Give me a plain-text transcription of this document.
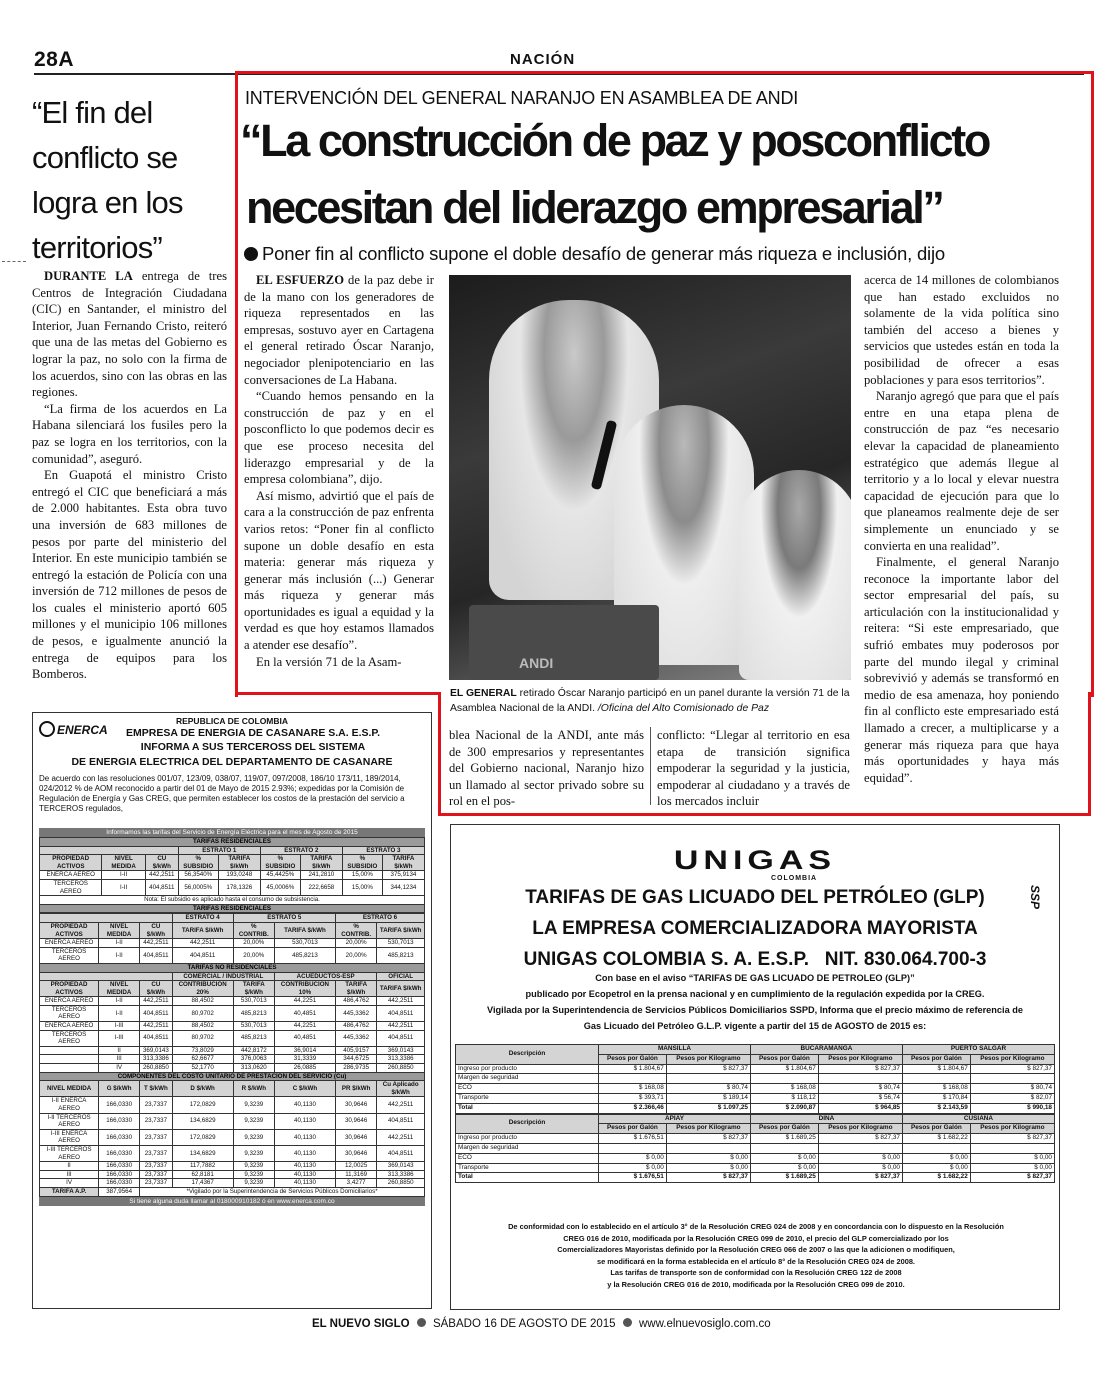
28A	NACIÓN
“El fin del conflicto se logra en los territorios”

DURANTE LA entrega de tres Centros de Integración Ciudadana (CIC) en Santander, el ministro del Interior, Juan Fernando Cristo, reiteró que una de las metas del Gobierno es lograr la paz, no solo con la firma de los acuerdos, sino con las obras en las regiones.

“La firma de los acuerdos en La Habana silenciará los fusiles pero la paz se logra en los territorios, con la comunidad”, aseguró.

En Guapotá el ministro Cristo entregó el CIC que beneficiará a más de 2.000 habitantes. Esta obra tuvo una inversión de 683 millones de pesos por parte del ministerio del Interior. En este municipio también se entregó la estación de Policía con una inversión de 712 millones de pesos de los cuales el ministerio aportó 605 millones y el municipio 106 millones de pesos, e igualmente anunció la entrega de equipos para los Bomberos.

INTERVENCIÓN DEL GENERAL NARANJO EN ASAMBLEA DE ANDI
“La construcción de paz y posconflicto
necesitan del liderazgo empresarial”
Poner fin al conflicto supone el doble desafío de generar más riqueza e inclusión, dijo

EL ESFUERZO de la paz debe ir de la mano con los generadores de riqueza representados en las empresas, sostuvo ayer en Cartagena el general retirado Óscar Naranjo, negociador plenipotenciario en las conversaciones de La Habana.

“Cuando hemos pensando en la construcción de paz y en el posconflicto lo que podemos decir es que ese proceso necesita del liderazgo empresarial y de la empresa colombiana”, dijo.

Así mismo, advirtió que el país de cara a la construcción de paz enfrenta varios retos: “Poner fin al conflicto supone un doble desafío en esta materia: generar más riqueza y generar más inclusión (...) Generar más riqueza y generar más oportunidades es igual a equidad y la verdad es que hoy estamos llamados a atender ese desafío”.

En la versión 71 de la Asam-	ANDI
EL GENERAL retirado Óscar Naranjo participó en un panel durante la versión 71 de la Asamblea Nacional de la ANDI. /Oficina del Alto Comisionado de Paz
blea Nacional de la ANDI, ante más de 300 empresarios y representantes del Gobierno nacional, Naranjo hizo un llamado al sector privado sobre su rol en el pos-
conflicto: “Llegar al territorio en esa etapa de transición significa empoderar la seguridad y la justicia, empoderar al ciudadano y a través de los mercados incluir

acerca de 14 millones de colombianos que han estado excluidos no solamente de la vida política sino también del acceso a bienes y servicios que ustedes están en toda la posibilidad de ofrecer a esas poblaciones y para esos territorios”.

Naranjo agregó que para que el país entre en una etapa plena de construcción de paz “es necesario elevar la capacidad de planeamiento estratégico que además llegue al territorio y a lo local y elevar nuestra capacidad de ejecución para que lo que planeamos realmente deje de ser simplemente un enunciado y se convierta en una realidad”.

Finalmente, el general Naranjo reconoce la importante labor del sector empresarial del país, su articulación con la institucionalidad y reitera: “Si este empresariado, que sufrió embates muy poderosos por parte del mundo ilegal y criminal sobrevivió y además se transformó en medio de esa amenaza, hoy poniendo fin al conflicto este empresariado está llamado a crecer, a multiplicarse y a generar más riqueza para que haya más oportunidades y haya más equidad”.

ENERCA
REPUBLICA DE COLOMBIA
EMPRESA DE ENERGIA DE CASANARE S.A. E.S.P.
INFORMA A SUS TERCEROSS DEL SISTEMA
DE ENERGIA ELECTRICA DEL DEPARTAMENTO DE CASANARE
De acuerdo con las resoluciones 001/07, 123/09, 038/07, 119/07, 097/2008, 186/10 173/11, 189/2014, 024/2012 % de AOM reconocido a partir del 01 de Mayo de 2015 2.93%; expedidas por la Comisión de Regulación de Energía y Gas CREG, que permiten establecer los costos de la prestación del servicio a TERCEROS regulados,
Informamos las tarifas del Servicio de Energía Eléctrica para el mes de Agosto de 2015
TARIFAS RESIDENCIALES								
			ESTRATO 1		ESTRATO 2		ESTRATO 3	
PROPIEDAD ACTIVOS	NIVEL MEDIDA	CU $/kWh	% SUBSIDIO	TARIFA $/kWh	% SUBSIDIO	TARIFA $/kWh	% SUBSIDIO	TARIFA $/kWh
ENERCA AEREO	I-II	442,2511	56,3540%	193,0248	45,4425%	241,2810	15,00%	375,9134
TERCEROS AEREO	I-II	404,8511	56,0005%	178,1326	45,0006%	222,6658	15,00%	344,1234
Nota: El subsidio es aplicado hasta el consumo de subsistencia.								
TARIFAS RESIDENCIALES								
			ESTRATO 4	ESTRATO 5		ESTRATO 6	
PROPIEDAD ACTIVOS	NIVEL MEDIDA	CU $/kWh	TARIFA $/kWh	% CONTRIB.	TARIFA $/kWh	% CONTRIB.	TARIFA $/kWh
ENERCA AEREO	I-II	442,2511	442,2511	20,00%	530,7013	20,00%	530,7013
TERCEROS AEREO	I-II	404,8511	404,8511	20,00%	485,8213	20,00%	485,8213
TARIFAS NO RESIDENCIALES							
			COMERCIAL / INDUSTRIAL		ACUEDUCTOS-ESP		OFICIAL
PROPIEDAD ACTIVOS	NIVEL MEDIDA	CU $/kWh	CONTRIBUCION 20%	TARIFA $/kWh	CONTRIBUCION 10%	TARIFA $/kWh	TARIFA $/kWh
ENERCA AEREO	I-II	442,2511	88,4502	530,7013	44,2251	486,4762	442,2511
TERCEROS AEREO	I-II	404,8511	80,9702	485,8213	40,4851	445,3362	404,8511
ENERCA AEREO	I-III	442,2511	88,4502	530,7013	44,2251	486,4762	442,2511
TERCEROS AEREO	I-III	404,8511	80,9702	485,8213	40,4851	445,3362	404,8511
	II	369,0143	73,8029	442,8172	36,9014	405,9157	369,0143
	III	313,3386	62,6677	376,0063	31,3339	344,6725	313,3386
	IV	260,8850	52,1770	313,0620	26,0885	286,9735	260,8850
COMPONENTES DEL COSTO UNITARIO DE PRESTACION DEL SERVICIO (Cu)							
NIVEL MEDIDA	G $/kWh	T $/kWh	D $/kWh	R $/kWh	C $/kWh	PR $/kWh	Cu Aplicado $/kWh
I-II ENERCA AEREO	166,0330	23,7337	172,0829	9,3239	40,1130	30,9646	442,2511
I-II TERCEROS AEREO	166,0330	23,7337	134,6829	9,3239	40,1130	30,9646	404,8511
I-III ENERCA AEREO	166,0330	23,7337	172,0829	9,3239	40,1130	30,9646	442,2511
I-III TERCEROS AEREO	166,0330	23,7337	134,6829	9,3239	40,1130	30,9646	404,8511
II	166,0330	23,7337	117,7882	9,3239	40,1130	12,0025	369,0143
III	166,0330	23,7337	62,8181	9,3239	40,1130	11,3169	313,3386
IV	166,0330	23,7337	17,4367	9,3239	40,1130	3,4277	260,8850
TARIFA A.P.	387,9564	*Vigilado por la Superintendencia de Servicios Públicos Domiciliarios*					
Si tiene alguna duda llamar al 018000910182 ó en www.enerca.com.co
UNIGAS
COLOMBIA
TARIFAS DE GAS LICUADO DEL PETRÓLEO (GLP)
LA EMPRESA COMERCIALIZADORA MAYORISTA
UNIGAS COLOMBIA S. A. E.S.P.   NIT. 830.064.700-3
Con base en el aviso “TARIFAS DE GAS LICUADO DE PETROLEO (GLP)”
publicado por Ecopetrol en la prensa nacional y en cumplimiento de la regulación expedida por la CREG.
Vigilada por la Superintendencia de Servicios Públicos Domiciliarios SSPD, Informa que el precio máximo de referencia de
Gas Licuado del Petróleo G.L.P. vigente a partir del 15 de AGOSTO de 2015 es:
SSP
Descripción	MANSILLA		BUCARAMANGA		PUERTO SALGAR	
	Pesos por Galón	Pesos por Kilogramo	Pesos por Galón	Pesos por Kilogramo	Pesos por Galón	Pesos por Kilogramo
Ingreso por producto	$ 1.804,67	$ 827,37	$ 1.804,67	$ 827,37	$ 1.804,67	$ 827,37
Margen de seguridad						
ECO	$ 168,08	$ 80,74	$ 168,08	$ 80,74	$ 168,08	$ 80,74
Transporte	$ 393,71	$ 189,14	$ 118,12	$ 56,74	$ 170,84	$ 82,07
Total	$ 2.366,46	$ 1.097,25	$ 2.090,87	$ 964,85	$ 2.143,59	$ 990,18
Descripción	APIAY		DINA		CUSIANA	
	Pesos por Galón	Pesos por Kilogramo	Pesos por Galón	Pesos por Kilogramo	Pesos por Galón	Pesos por Kilogramo
Ingreso por producto	$ 1.676,51	$ 827,37	$ 1.689,25	$ 827,37	$ 1.682,22	$ 827,37
Margen de seguridad						
ECO	$ 0,00	$ 0,00	$ 0,00	$ 0,00	$ 0,00	$ 0,00
Transporte	$ 0,00	$ 0,00	$ 0,00	$ 0,00	$ 0,00	$ 0,00
Total	$ 1.676,51	$ 827,37	$ 1.689,25	$ 827,37	$ 1.682,22	$ 827,37
De conformidad con lo establecido en el artículo 3° de la Resolución CREG 024 de 2008 y en concordancia con lo dispuesto en la Resolución
CREG 016 de 2010, modificada por la Resolución CREG 099 de 2010, el precio del GLP comercializado por los
Comercializadores Mayoristas definido por la Resolución CREG 066 de 2007 o las que la adicionen o modifiquen,
se modificará en la forma establecida en el artículo 8° de la Resolución CREG 024 de 2008.
Las tarifas de transporte son de conformidad con la Resolución CREG 122 de 2008
y la Resolución CREG 016 de 2010, modificada por la Resolución CREG 099 de 2010.
EL NUEVO SIGLO SÁBADO 16 DE AGOSTO DE 2015 www.elnuevosiglo.com.co
